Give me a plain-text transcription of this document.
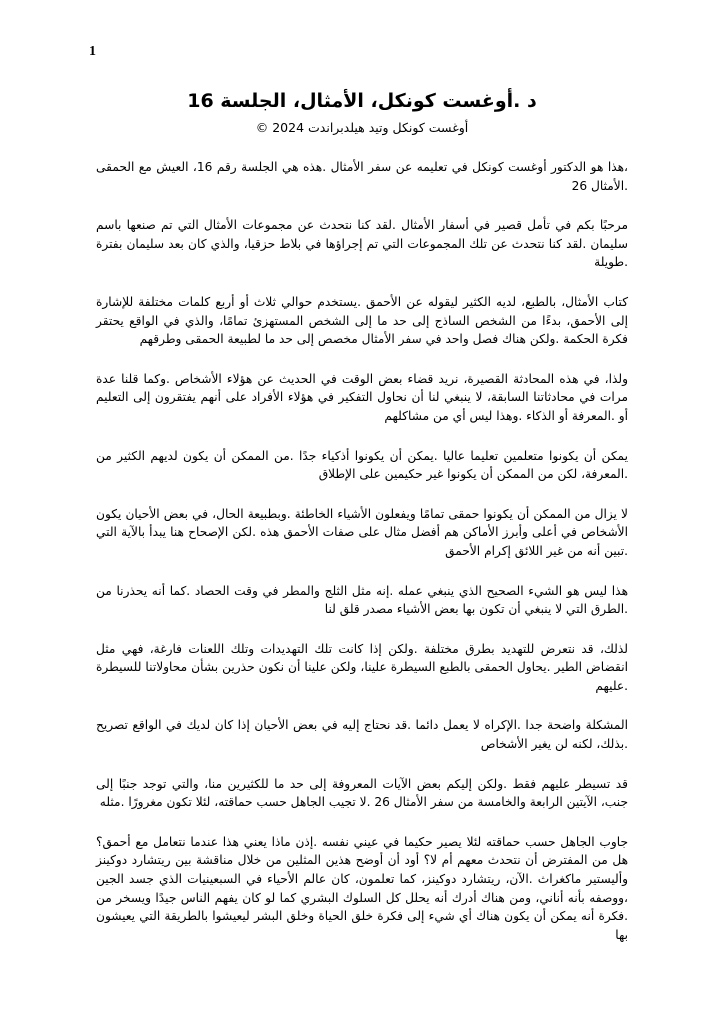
1
د .أوغست كونكل، الأمثال، الجلسة 16

أوغست كونكل وتيد هيلدبراندت 2024 ©

،هذا هو الدكتور أوغست كونكل في تعليمه عن سفر الأمثال .هذه هي الجلسة رقم 16، العيش مع الحمقى .الأمثال 26

مرحبًا بكم في تأمل قصير في أسفار الأمثال .لقد كنا نتحدث عن مجموعات الأمثال التي تم صنعها باسم سليمان .لقد كنا نتحدث عن تلك المجموعات التي تم إجراؤها في بلاط حزقيا، والذي كان بعد سليمان بفترة .طويلة

كتاب الأمثال، بالطبع، لديه الكثير ليقوله عن الأحمق .يستخدم حوالي ثلاث أو أربع كلمات مختلفة للإشارة إلى الأحمق، بدءًا من الشخص الساذج إلى حد ما إلى الشخص المستهزئ تمامًا، والذي في الواقع يحتقر فكرة الحكمة .ولكن هناك فصل واحد في سفر الأمثال مخصص إلى حد ما لطبيعة الحمقى وطرقهم

ولذا، في هذه المحادثة القصيرة، نريد قضاء بعض الوقت في الحديث عن هؤلاء الأشخاص .وكما قلنا عدة مرات في محادثاتنا السابقة، لا ينبغي لنا أن نحاول التفكير في هؤلاء الأفراد على أنهم يفتقرون إلى التعليم أو .المعرفة أو الذكاء .وهذا ليس أي من مشاكلهم

يمكن أن يكونوا متعلمين تعليما عاليا .يمكن أن يكونوا أذكياء جدًا .من الممكن أن يكون لديهم الكثير من .المعرفة، لكن من الممكن أن يكونوا غير حكيمين على الإطلاق

لا يزال من الممكن أن يكونوا حمقى تمامًا ويفعلون الأشياء الخاطئة .وبطبيعة الحال، في بعض الأحيان يكون الأشخاص في أعلى وأبرز الأماكن هم أفضل مثال على صفات الأحمق هذه .لكن الإصحاح هنا يبدأ بالآية التي .تبين أنه من غير اللائق إكرام الأحمق

هذا ليس هو الشيء الصحيح الذي ينبغي عمله .إنه مثل الثلج والمطر في وقت الحصاد .كما أنه يحذرنا من .الطرق التي لا ينبغي أن تكون بها بعض الأشياء مصدر قلق لنا

لذلك، قد نتعرض للتهديد بطرق مختلفة .ولكن إذا كانت تلك التهديدات وتلك اللعنات فارغة، فهي مثل انقضاض الطير .يحاول الحمقى بالطبع السيطرة علينا، ولكن علينا أن نكون حذرين بشأن محاولاتنا للسيطرة .عليهم

المشكلة واضحة جدا .الإكراه لا يعمل دائما .قد نحتاج إليه في بعض الأحيان إذا كان لديك في الواقع تصريح .بذلك، لكنه لن يغير الأشخاص

قد تسيطر عليهم فقط .ولكن إليكم بعض الآيات المعروفة إلى حد ما للكثيرين منا، والتي توجد جنبًا إلى جنب، الآيتين الرابعة والخامسة من سفر الأمثال 26 .لا تجيب الجاهل حسب حماقته، لئلا تكون مغرورًا .مثله

جاوب الجاهل حسب حماقته لئلا يصير حكيما في عيني نفسه .إذن ماذا يعني هذا عندما نتعامل مع أحمق؟ هل من المفترض أن نتحدث معهم أم لا؟ أود أن أوضح هذين المثلين من خلال مناقشة بين ريتشارد دوكينز وأليستير ماكغراث .الآن، ريتشارد دوكينز، كما تعلمون، كان عالم الأحياء في السبعينيات الذي جسد الجين ،ووصفه بأنه أناني، ومن هناك أدرك أنه يحلل كل السلوك البشري كما لو كان يفهم الناس جيدًا ويسخر من .فكرة أنه يمكن أن يكون هناك أي شيء إلى فكرة خلق الحياة وخلق البشر ليعيشوا بالطريقة التي يعيشون بها
